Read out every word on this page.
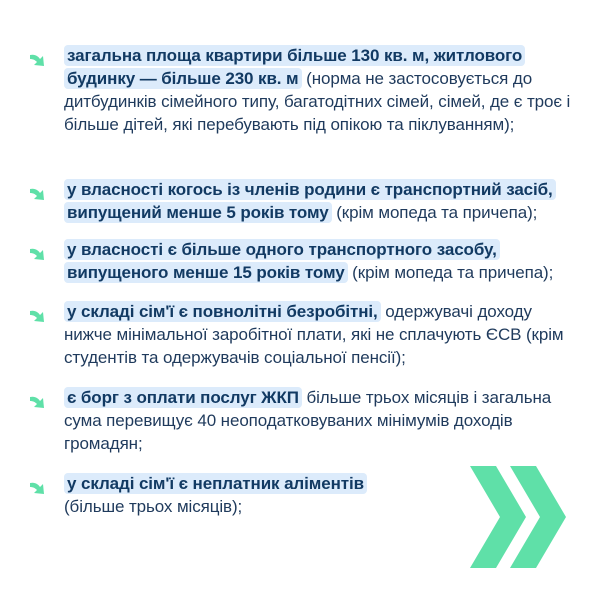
загальна площа квартири більше 130 кв. м, житлового будинку — більше 230 кв. м (норма не застосовується до дитбудинків сімейного типу, багатодітних сімей, сімей, де є троє і більше дітей, які перебувають під опікою та піклуванням);
у власності когось із членів родини є транспортний засіб, випущений менше 5 років тому (крім мопеда та причепа);
у власності є більше одного транспортного засобу, випущеного менше 15 років тому (крім мопеда та причепа);
у складі сім'ї є повнолітні безробітні, одержувачі доходу нижче мінімальної заробітної плати, які не сплачують ЄСВ (крім студентів та одержувачів соціальної пенсії);
є борг з оплати послуг ЖКП більше трьох місяців і загальна сума перевищує 40 неоподатковуваних мінімумів доходів громадян;
у складі сім'ї є неплатник аліментів (більше трьох місяців);
